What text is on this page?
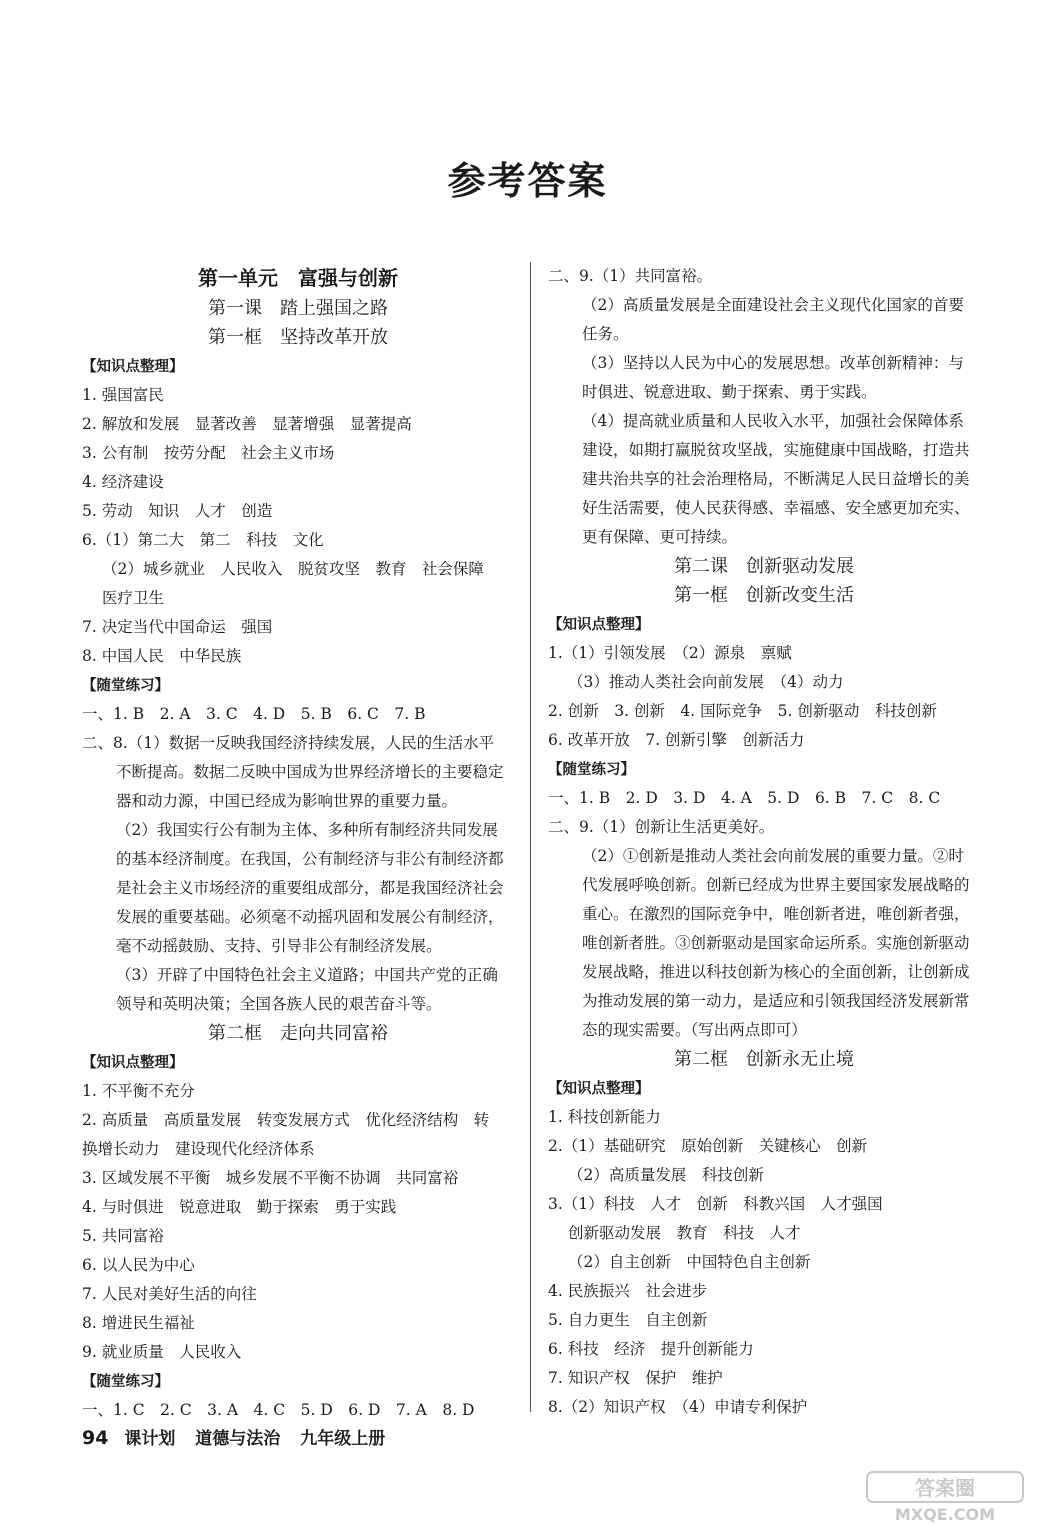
参考答案
第一单元　富强与创新
第一课　踏上强国之路
第一框　坚持改革开放
【知识点整理】
1. 强国富民
2. 解放和发展　显著改善　显著增强　显著提高
3. 公有制　按劳分配　社会主义市场
4. 经济建设
5. 劳动　知识　人才　创造
6.（1）第二大　第二　科技　文化
（2）城乡就业　人民收入　脱贫攻坚　教育　社会保障
医疗卫生
7. 决定当代中国命运　强国
8. 中国人民　中华民族
【随堂练习】
一、1. B　2. A　3. C　4. D　5. B　6. C　7. B
二、8.（1）数据一反映我国经济持续发展，人民的生活水平
不断提高。数据二反映中国成为世界经济增长的主要稳定
器和动力源，中国已经成为影响世界的重要力量。
（2）我国实行公有制为主体、多种所有制经济共同发展
的基本经济制度。在我国，公有制经济与非公有制经济都
是社会主义市场经济的重要组成部分，都是我国经济社会
发展的重要基础。必须毫不动摇巩固和发展公有制经济，
毫不动摇鼓励、支持、引导非公有制经济发展。
（3）开辟了中国特色社会主义道路；中国共产党的正确
领导和英明决策；全国各族人民的艰苦奋斗等。
第二框　走向共同富裕
【知识点整理】
1. 不平衡不充分
2. 高质量　高质量发展　转变发展方式　优化经济结构　转
换增长动力　建设现代化经济体系
3. 区域发展不平衡　城乡发展不平衡不协调　共同富裕
4. 与时俱进　锐意进取　勤于探索　勇于实践
5. 共同富裕
6. 以人民为中心
7. 人民对美好生活的向往
8. 增进民生福祉
9. 就业质量　人民收入
【随堂练习】
一、1. C　2. C　3. A　4. C　5. D　6. D　7. A　8. D
二、9.（1）共同富裕。
（2）高质量发展是全面建设社会主义现代化国家的首要
任务。
（3）坚持以人民为中心的发展思想。改革创新精神：与
时俱进、锐意进取、勤于探索、勇于实践。
（4）提高就业质量和人民收入水平，加强社会保障体系
建设，如期打赢脱贫攻坚战，实施健康中国战略，打造共
建共治共享的社会治理格局，不断满足人民日益增长的美
好生活需要，使人民获得感、幸福感、安全感更加充实、
更有保障、更可持续。
第二课　创新驱动发展
第一框　创新改变生活
【知识点整理】
1.（1）引领发展　（2）源泉　禀赋
（3）推动人类社会向前发展　（4）动力
2. 创新　3. 创新　4. 国际竞争　5. 创新驱动　科技创新
6. 改革开放　7. 创新引擎　创新活力
【随堂练习】
一、1. B　2. D　3. D　4. A　5. D　6. B　7. C　8. C
二、9.（1）创新让生活更美好。
（2）①创新是推动人类社会向前发展的重要力量。②时
代发展呼唤创新。创新已经成为世界主要国家发展战略的
重心。在激烈的国际竞争中，唯创新者进，唯创新者强，
唯创新者胜。③创新驱动是国家命运所系。实施创新驱动
发展战略，推进以科技创新为核心的全面创新，让创新成
为推动发展的第一动力，是适应和引领我国经济发展新常
态的现实需要。（写出两点即可）
第二框　创新永无止境
【知识点整理】
1. 科技创新能力
2.（1）基础研究　原始创新　关键核心　创新
（2）高质量发展　科技创新
3.（1）科技　人才　创新　科教兴国　人才强国
创新驱动发展　教育　科技　人才
（2）自主创新　中国特色自主创新
4. 民族振兴　社会进步
5. 自力更生　自主创新
6. 科技　经济　提升创新能力
7. 知识产权　保护　维护
8.（2）知识产权　（4）申请专利保护
94 课计划 道德与法治 九年级上册
答案圈
MXQE.COM
